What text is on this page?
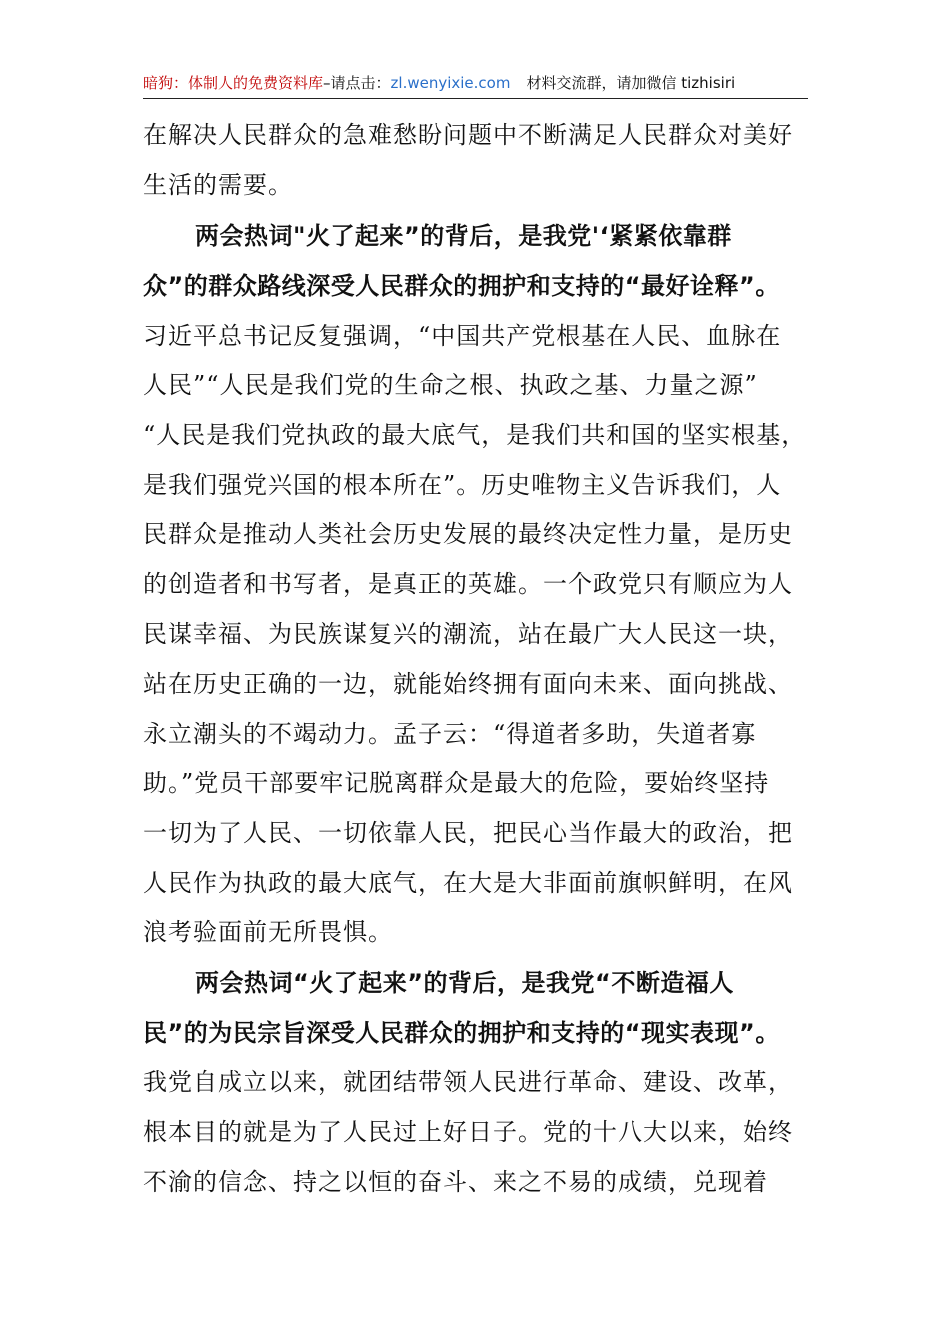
暗狗：体制人的免费资料库–请点击：zl.wenyixie.com 材料交流群，请加微信 tizhisiri
在解决人民群众的急难愁盼问题中不断满足人民群众对美好
生活的需要。
两会热词"火了起来”的背后，是我党'‘紧紧依靠群
众”的群众路线深受人民群众的拥护和支持的“最好诠释”。
习近平总书记反复强调，“中国共产党根基在人民、血脉在
人民”“人民是我们党的生命之根、执政之基、力量之源”
“人民是我们党执政的最大底气，是我们共和国的坚实根基，
是我们强党兴国的根本所在”。历史唯物主义告诉我们，人
民群众是推动人类社会历史发展的最终决定性力量，是历史
的创造者和书写者，是真正的英雄。一个政党只有顺应为人
民谋幸福、为民族谋复兴的潮流，站在最广大人民这一块，
站在历史正确的一边，就能始终拥有面向未来、面向挑战、
永立潮头的不竭动力。孟子云：“得道者多助，失道者寡
助。”党员干部要牢记脱离群众是最大的危险，要始终坚持
一切为了人民、一切依靠人民，把民心当作最大的政治，把
人民作为执政的最大底气，在大是大非面前旗帜鲜明，在风
浪考验面前无所畏惧。
两会热词“火了起来”的背后，是我党“不断造福人
民”的为民宗旨深受人民群众的拥护和支持的“现实表现”。
我党自成立以来，就团结带领人民进行革命、建设、改革，
根本目的就是为了人民过上好日子。党的十八大以来，始终
不渝的信念、持之以恒的奋斗、来之不易的成绩，兑现着
